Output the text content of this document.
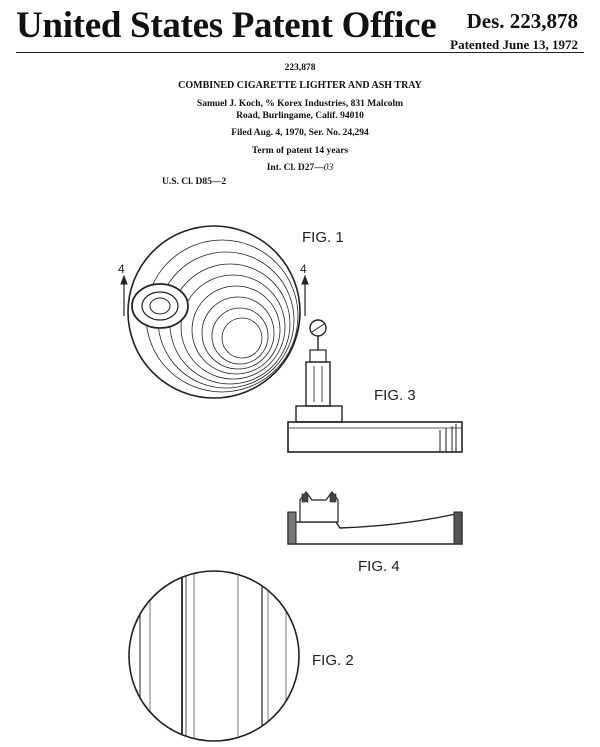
United States Patent Office Des. 223,878
Patented June 13, 1972
223,878
COMBINED CIGARETTE LIGHTER AND ASH TRAY
Samuel J. Koch, % Korex Industries, 831 Malcolm
Road, Burlingame, Calif. 94010
Filed Aug. 4, 1970, Ser. No. 24,294
Term of patent 14 years
Int. Cl. D27—03
U.S. Cl. D85—2
FIG. 1
FIG. 3
FIG. 4
FIG. 2
4	4
